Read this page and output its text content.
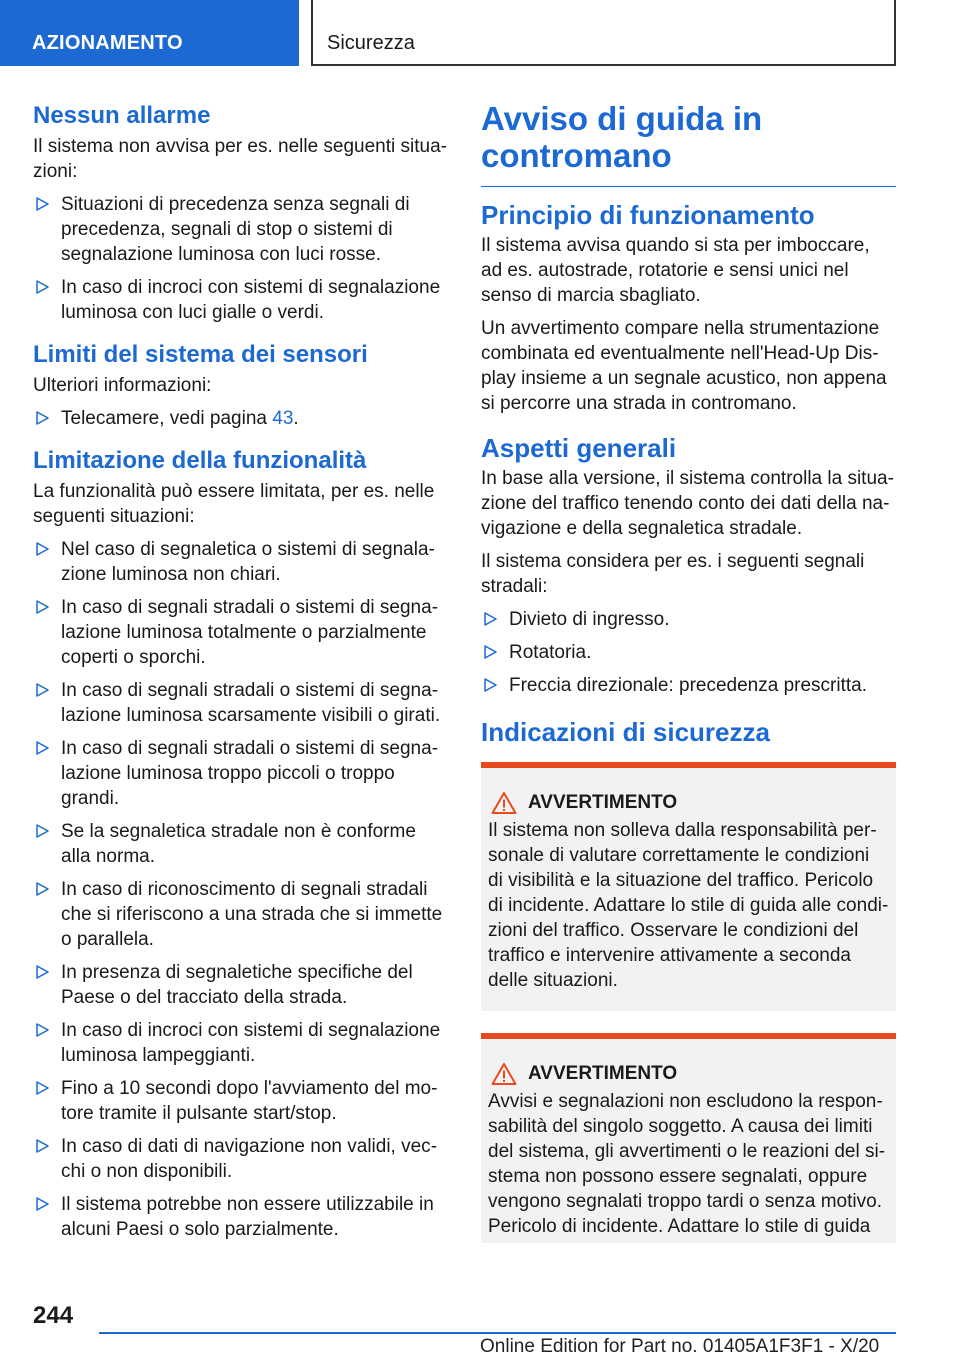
AZIONAMENTO	Sicurezza
Nessun allarme

Il sistema non avvisa per es. nelle seguenti situazioni:

Situazioni di precedenza senza segnali di precedenza, segnali di stop o sistemi di segnalazione luminosa con luci rosse.
In caso di incroci con sistemi di segnalazione luminosa con luci gialle o verdi.
Limiti del sistema dei sensori

Ulteriori informazioni:

Telecamere, vedi pagina 43.
Limitazione della funzionalità

La funzionalità può essere limitata, per es. nelle seguenti situazioni:

Nel caso di segnaletica o sistemi di segnalazione luminosa non chiari.
In caso di segnali stradali o sistemi di segnalazione luminosa totalmente o parzialmente coperti o sporchi.
In caso di segnali stradali o sistemi di segnalazione luminosa scarsamente visibili o girati.
In caso di segnali stradali o sistemi di segnalazione luminosa troppo piccoli o troppo grandi.
Se la segnaletica stradale non è conforme alla norma.
In caso di riconoscimento di segnali stradali che si riferiscono a una strada che si immette o parallela.
In presenza di segnaletiche specifiche del Paese o del tracciato della strada.
In caso di incroci con sistemi di segnalazione luminosa lampeggianti.
Fino a 10 secondi dopo l'avviamento del motore tramite il pulsante start/stop.
In caso di dati di navigazione non validi, vecchi o non disponibili.
Il sistema potrebbe non essere utilizzabile in alcuni Paesi o solo parzialmente.
Avviso di guida in contromano
Principio di funzionamento

Il sistema avvisa quando si sta per imboccare, ad es. autostrade, rotatorie e sensi unici nel senso di marcia sbagliato.

Un avvertimento compare nella strumentazione combinata ed eventualmente nell'Head-Up Display insieme a un segnale acustico, non appena si percorre una strada in contromano.

Aspetti generali

In base alla versione, il sistema controlla la situazione del traffico tenendo conto dei dati della navigazione e della segnaletica stradale.

Il sistema considera per es. i seguenti segnali stradali:

Divieto di ingresso.
Rotatoria.
Freccia direzionale: precedenza prescritta.
Indicazioni di sicurezza
AVVERTIMENTO

Il sistema non solleva dalla responsabilità personale di valutare correttamente le condizioni di visibilità e la situazione del traffico. Pericolo di incidente. Adattare lo stile di guida alle condizioni del traffico. Osservare le condizioni del traffico e intervenire attivamente a seconda delle situazioni.

AVVERTIMENTO

Avvisi e segnalazioni non escludono la responsabilità del singolo soggetto. A causa dei limiti del sistema, gli avvertimenti o le reazioni del sistema non possono essere segnalati, oppure vengono segnalati troppo tardi o senza motivo. Pericolo di incidente. Adattare lo stile di guida

244
Online Edition for Part no. 01405A1F3F1 - X/20
